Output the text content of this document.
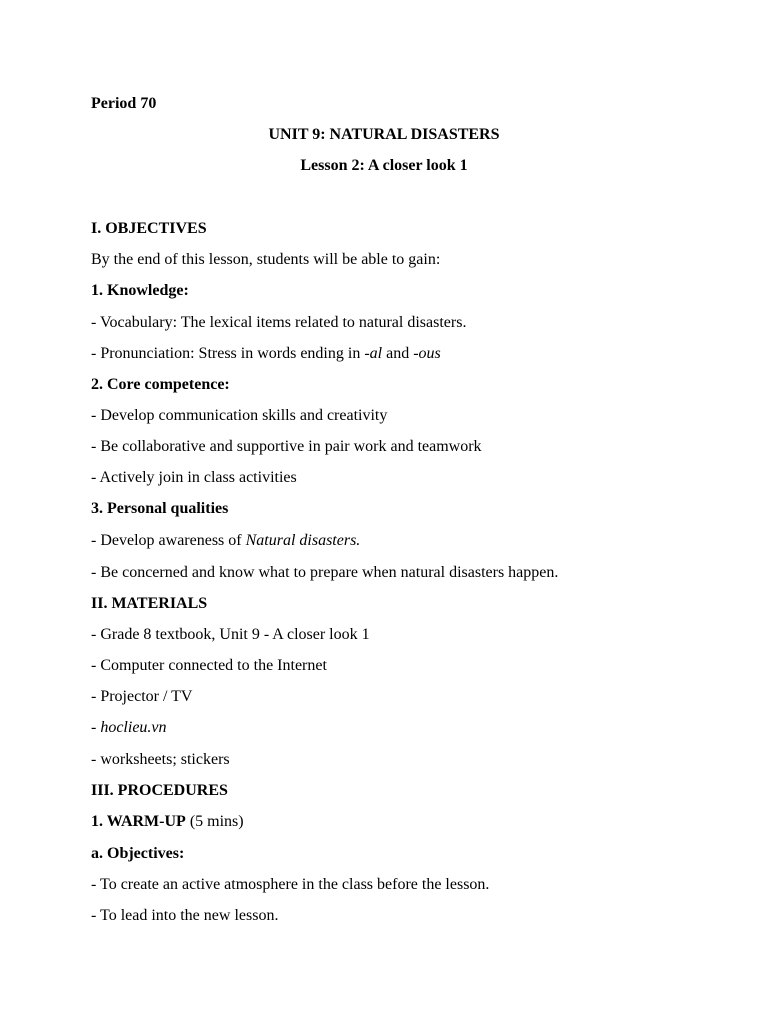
Period 70
UNIT 9: NATURAL DISASTERS
Lesson 2: A closer look 1
I. OBJECTIVES
By the end of this lesson, students will be able to gain:
1. Knowledge:
- Vocabulary: The lexical items related to natural disasters.
- Pronunciation: Stress in words ending in -al and -ous
2. Core competence:
- Develop communication skills and creativity
- Be collaborative and supportive in pair work and teamwork
- Actively join in class activities
3. Personal qualities
- Develop awareness of Natural disasters.
- Be concerned and know what to prepare when natural disasters happen.
II. MATERIALS
- Grade 8 textbook, Unit 9 - A closer look 1
- Computer connected to the Internet
- Projector / TV
- hoclieu.vn
- worksheets; stickers
III. PROCEDURES
1. WARM-UP (5 mins)
a. Objectives:
- To create an active atmosphere in the class before the lesson.
- To lead into the new lesson.
